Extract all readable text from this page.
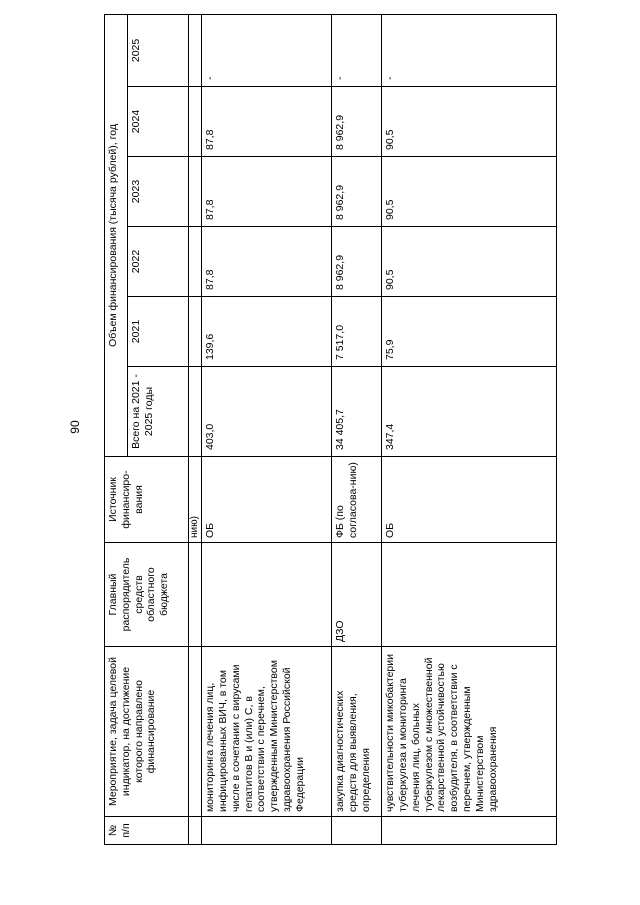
90
№ п/п	Мероприятие, задача целевой индикатор, на достижение которого направлено финансирование	Главный распорядитель средств областного бюджета	Источник финансиро-вания	Объем финансирования (тысяча рублей), год					
				Всего на 2021 - 2025 годы	2021	2022	2023	2024	2025
			нию)						
	мониторинга лечения лиц, инфицированных ВИЧ, в том числе в сочетании с вирусами гепатитов B и (или) C, в соответствии с перечнем, утвержденным Министерством здравоохранения Российской Федерации		ОБ	403,0	139,6	87,8	87,8	87,8	-
	закупка диагностических средств для выявления, определения	ДЗО	ФБ (по согласова-нию)	34 405,7	7 517,0	8 962,9	8 962,9	8 962,9	-
	чувствительности микобактерии туберкулеза и мониторинга лечения лиц, больных туберкулезом с множественной лекарственной устойчивостью возбудителя, в соответствии с перечнем, утвержденным Министерством здравоохранения		ОБ	347,4	75,9	90,5	90,5	90,5	-
